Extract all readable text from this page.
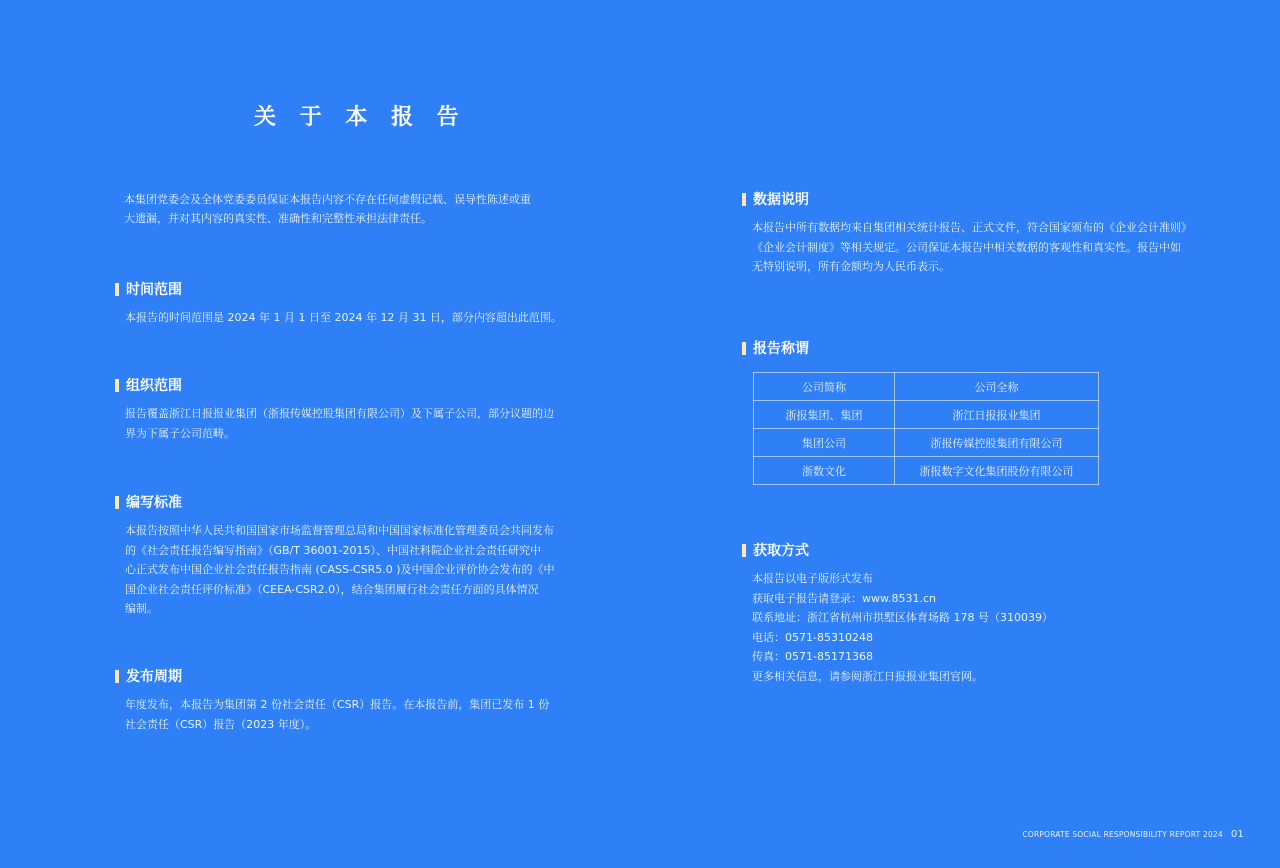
关 于 本 报 告
本集团党委会及全体党委委员保证本报告内容不存在任何虚假记载、误导性陈述或重
大遗漏，并对其内容的真实性、准确性和完整性承担法律责任。
时间范围
本报告的时间范围是 2024 年 1 月 1 日至 2024 年 12 月 31 日，部分内容超出此范围。
组织范围
报告覆盖浙江日报报业集团（浙报传媒控股集团有限公司）及下属子公司，部分议题的边
界为下属子公司范畴。
编写标准
本报告按照中华人民共和国国家市场监督管理总局和中国国家标准化管理委员会共同发布
的《社会责任报告编写指南》（GB/T 36001-2015）、中国社科院企业社会责任研究中
心正式发布中国企业社会责任报告指南 (CASS-CSR5.0 )及中国企业评价协会发布的《中
国企业社会责任评价标准》（CEEA-CSR2.0），结合集团履行社会责任方面的具体情况
编制。
发布周期
年度发布，本报告为集团第 2 份社会责任（CSR）报告。在本报告前，集团已发布 1 份
社会责任（CSR）报告（2023 年度）。
数据说明
本报告中所有数据均来自集团相关统计报告、正式文件，符合国家颁布的《企业会计准则》
《企业会计制度》等相关规定。公司保证本报告中相关数据的客观性和真实性。报告中如
无特别说明，所有金额均为人民币表示。
报告称谓
公司简称	公司全称
浙报集团、集团	浙江日报报业集团
集团公司	浙报传媒控股集团有限公司
浙数文化	浙报数字文化集团股份有限公司
获取方式
本报告以电子版形式发布
获取电子报告请登录：www.8531.cn
联系地址：浙江省杭州市拱墅区体育场路 178 号（310039）
电话：0571-85310248
传真：0571-85171368
更多相关信息，请参阅浙江日报报业集团官网。
CORPORATE SOCIAL RESPONSIBILITY REPORT 2024 01
